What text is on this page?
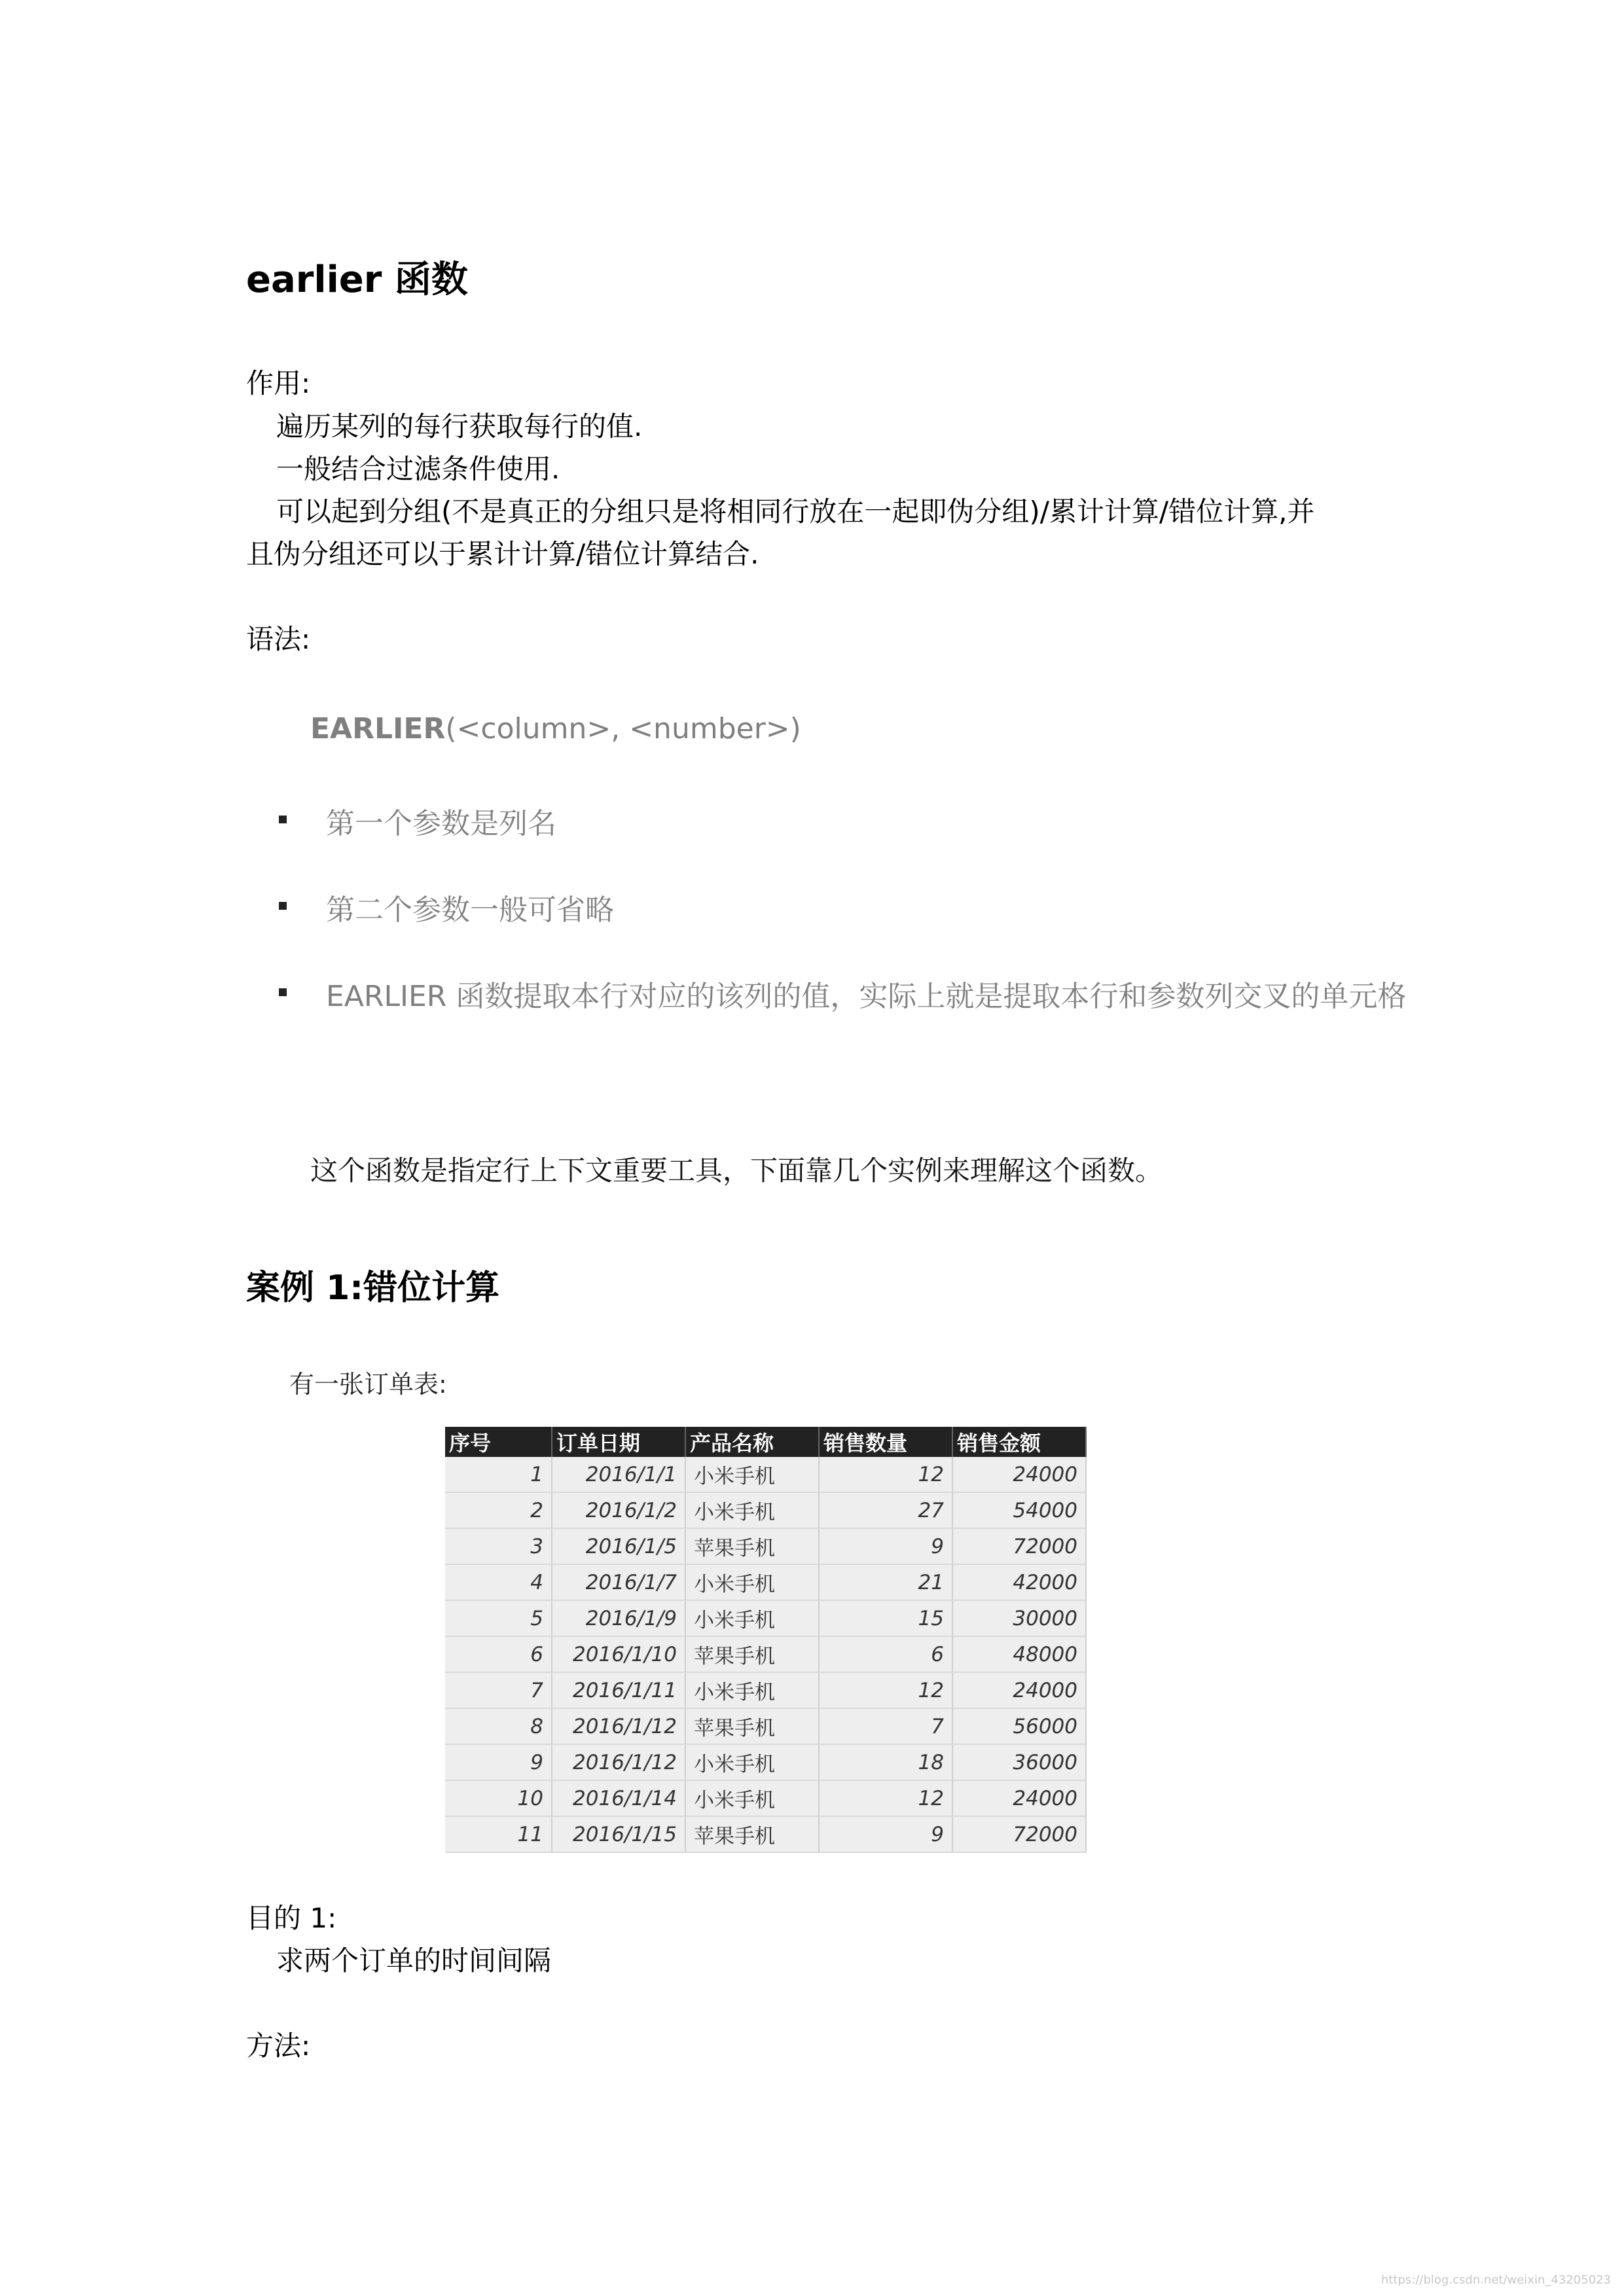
earlier 函数
作用:
遍历某列的每行获取每行的值.
一般结合过滤条件使用.
可以起到分组(不是真正的分组只是将相同行放在一起即伪分组)/累计计算/错位计算,并
且伪分组还可以于累计计算/错位计算结合.
语法:
EARLIER(<column>, <number>)
第一个参数是列名
第二个参数一般可省略
EARLIER 函数提取本行对应的该列的值，实际上就是提取本行和参数列交叉的单元格
这个函数是指定行上下文重要工具，下面靠几个实例来理解这个函数。
案例 1:错位计算
有一张订单表:
序号	订单日期	产品名称	销售数量	销售金额
1	2016/1/1	小米手机	12	24000
2	2016/1/2	小米手机	27	54000
3	2016/1/5	苹果手机	9	72000
4	2016/1/7	小米手机	21	42000
5	2016/1/9	小米手机	15	30000
6	2016/1/10	苹果手机	6	48000
7	2016/1/11	小米手机	12	24000
8	2016/1/12	苹果手机	7	56000
9	2016/1/12	小米手机	18	36000
10	2016/1/14	小米手机	12	24000
11	2016/1/15	苹果手机	9	72000
目的 1:
求两个订单的时间间隔
方法:
https://blog.csdn.net/weixin_43205023
